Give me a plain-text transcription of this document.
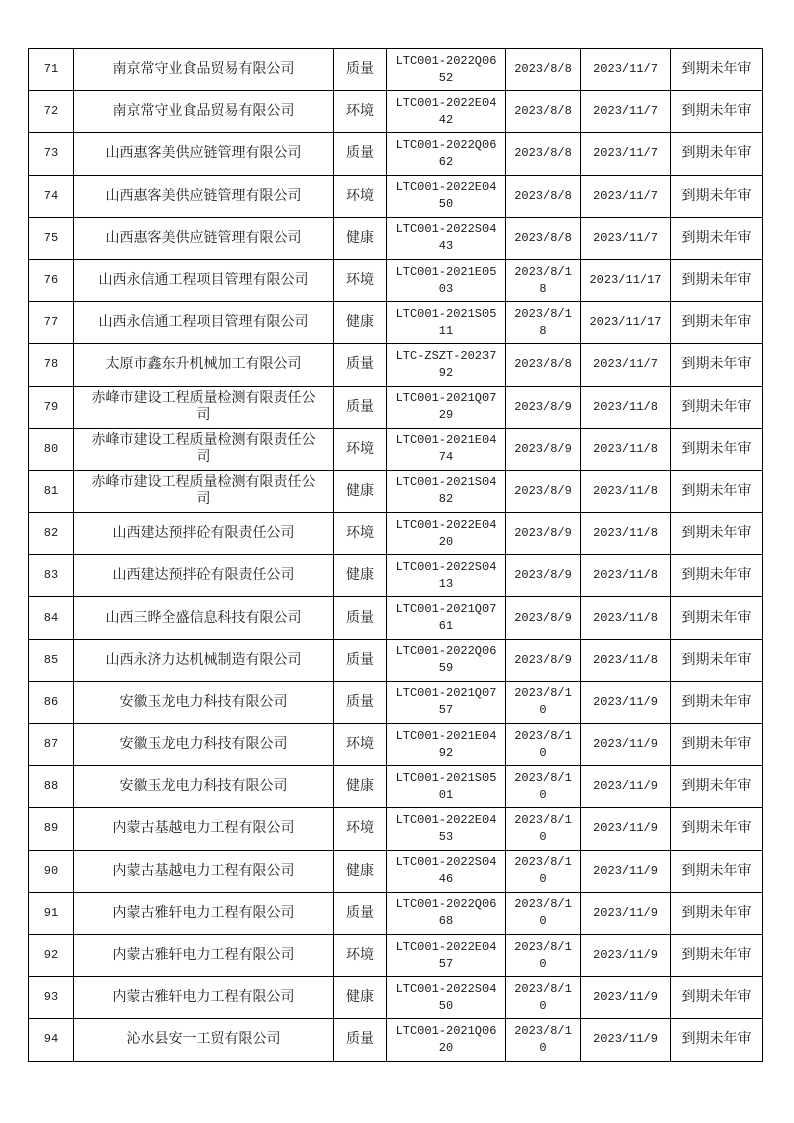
71	南京常守业食品贸易有限公司	质量	LTC001-2022Q0652	2023/8/8	2023/11/7	到期未年审
72	南京常守业食品贸易有限公司	环境	LTC001-2022E0442	2023/8/8	2023/11/7	到期未年审
73	山西惠客美供应链管理有限公司	质量	LTC001-2022Q0662	2023/8/8	2023/11/7	到期未年审
74	山西惠客美供应链管理有限公司	环境	LTC001-2022E0450	2023/8/8	2023/11/7	到期未年审
75	山西惠客美供应链管理有限公司	健康	LTC001-2022S0443	2023/8/8	2023/11/7	到期未年审
76	山西永信通工程项目管理有限公司	环境	LTC001-2021E0503	2023/8/18	2023/11/17	到期未年审
77	山西永信通工程项目管理有限公司	健康	LTC001-2021S0511	2023/8/18	2023/11/17	到期未年审
78	太原市鑫东升机械加工有限公司	质量	LTC-ZSZT-2023792	2023/8/8	2023/11/7	到期未年审
79	赤峰市建设工程质量检测有限责任公司	质量	LTC001-2021Q0729	2023/8/9	2023/11/8	到期未年审
80	赤峰市建设工程质量检测有限责任公司	环境	LTC001-2021E0474	2023/8/9	2023/11/8	到期未年审
81	赤峰市建设工程质量检测有限责任公司	健康	LTC001-2021S0482	2023/8/9	2023/11/8	到期未年审
82	山西建达预拌砼有限责任公司	环境	LTC001-2022E0420	2023/8/9	2023/11/8	到期未年审
83	山西建达预拌砼有限责任公司	健康	LTC001-2022S0413	2023/8/9	2023/11/8	到期未年审
84	山西三晔全盛信息科技有限公司	质量	LTC001-2021Q0761	2023/8/9	2023/11/8	到期未年审
85	山西永济力达机械制造有限公司	质量	LTC001-2022Q0659	2023/8/9	2023/11/8	到期未年审
86	安徽玉龙电力科技有限公司	质量	LTC001-2021Q0757	2023/8/10	2023/11/9	到期未年审
87	安徽玉龙电力科技有限公司	环境	LTC001-2021E0492	2023/8/10	2023/11/9	到期未年审
88	安徽玉龙电力科技有限公司	健康	LTC001-2021S0501	2023/8/10	2023/11/9	到期未年审
89	内蒙古基越电力工程有限公司	环境	LTC001-2022E0453	2023/8/10	2023/11/9	到期未年审
90	内蒙古基越电力工程有限公司	健康	LTC001-2022S0446	2023/8/10	2023/11/9	到期未年审
91	内蒙古雅轩电力工程有限公司	质量	LTC001-2022Q0668	2023/8/10	2023/11/9	到期未年审
92	内蒙古雅轩电力工程有限公司	环境	LTC001-2022E0457	2023/8/10	2023/11/9	到期未年审
93	内蒙古雅轩电力工程有限公司	健康	LTC001-2022S0450	2023/8/10	2023/11/9	到期未年审
94	沁水县安一工贸有限公司	质量	LTC001-2021Q0620	2023/8/10	2023/11/9	到期未年审
